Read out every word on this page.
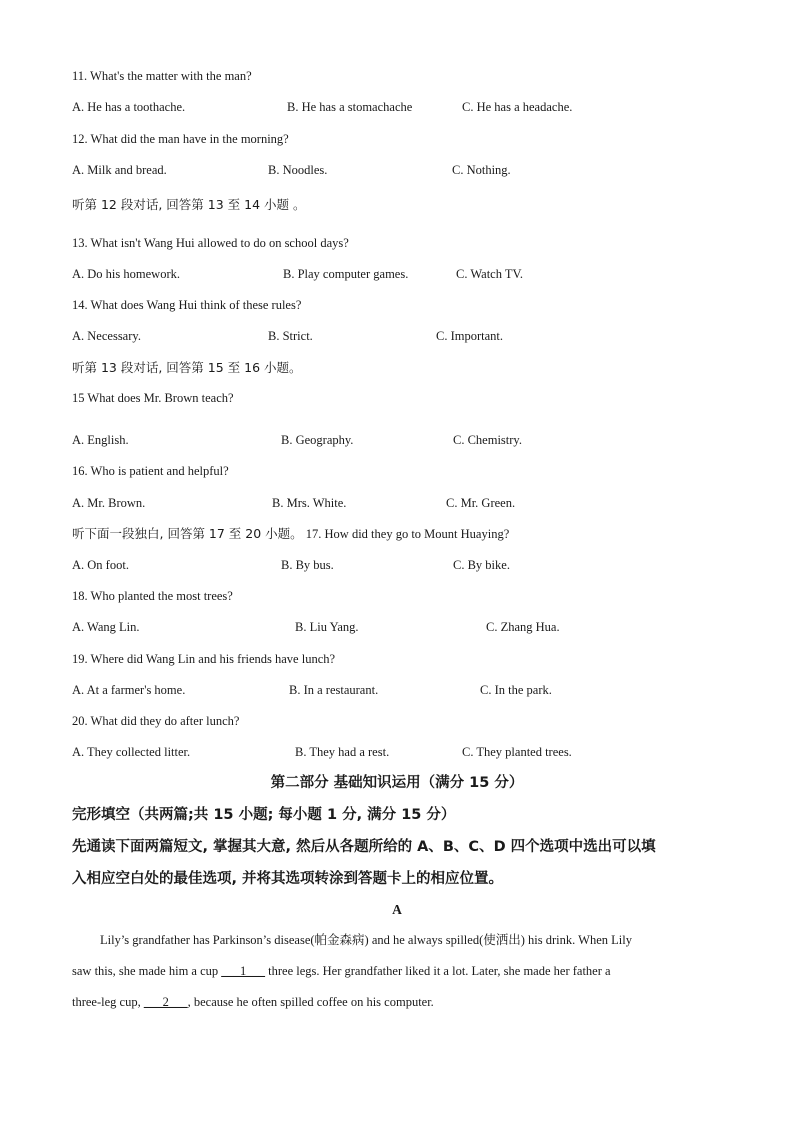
11. What's the matter with the man?
A. He has a toothache.	B. He has a stomachache	C. He has a headache.
12. What did the man have in the morning?
A. Milk and bread.	B. Noodles.	C. Nothing.
听第 12 段对话, 回答第 13 至 14 小题 。
13. What isn't Wang Hui allowed to do on school days?
A. Do his homework.	B. Play computer games.	C. Watch TV.
14. What does Wang Hui think of these rules?
A. Necessary.	B. Strict.	C. Important.
听第 13 段对话, 回答第 15 至 16 小题。
15 What does Mr. Brown teach?
A. English.	B. Geography.	C. Chemistry.
16. Who is patient and helpful?
A. Mr. Brown.	B. Mrs. White.	C. Mr. Green.
听下面一段独白, 回答第 17 至 20 小题。 17. How did they go to Mount Huaying?
A. On foot.	B. By bus.	C. By bike.
18. Who planted the most trees?
A. Wang Lin.	B. Liu Yang.	C. Zhang Hua.
19. Where did Wang Lin and his friends have lunch?
A. At a farmer's home.	B. In a restaurant.	C. In the park.
20. What did they do after lunch?
A. They collected litter.	B. They had a rest.	C. They planted trees.
第二部分 基础知识运用（满分 15 分）
完形填空（共两篇;共 15 小题; 每小题 1 分, 满分 15 分）
先通读下面两篇短文, 掌握其大意, 然后从各题所给的 A、B、C、D 四个选项中选出可以填
入相应空白处的最佳选项, 并将其选项转涂到答题卡上的相应位置。
A
Lily’s grandfather has Parkinson’s disease(帕金森病) and he always spilled(使洒出) his drink. When Lily
saw this, she made him a cup ___1___ three legs. Her grandfather liked it a lot. Later, she made her father a
three-leg cup, ___2___, because he often spilled coffee on his computer.
